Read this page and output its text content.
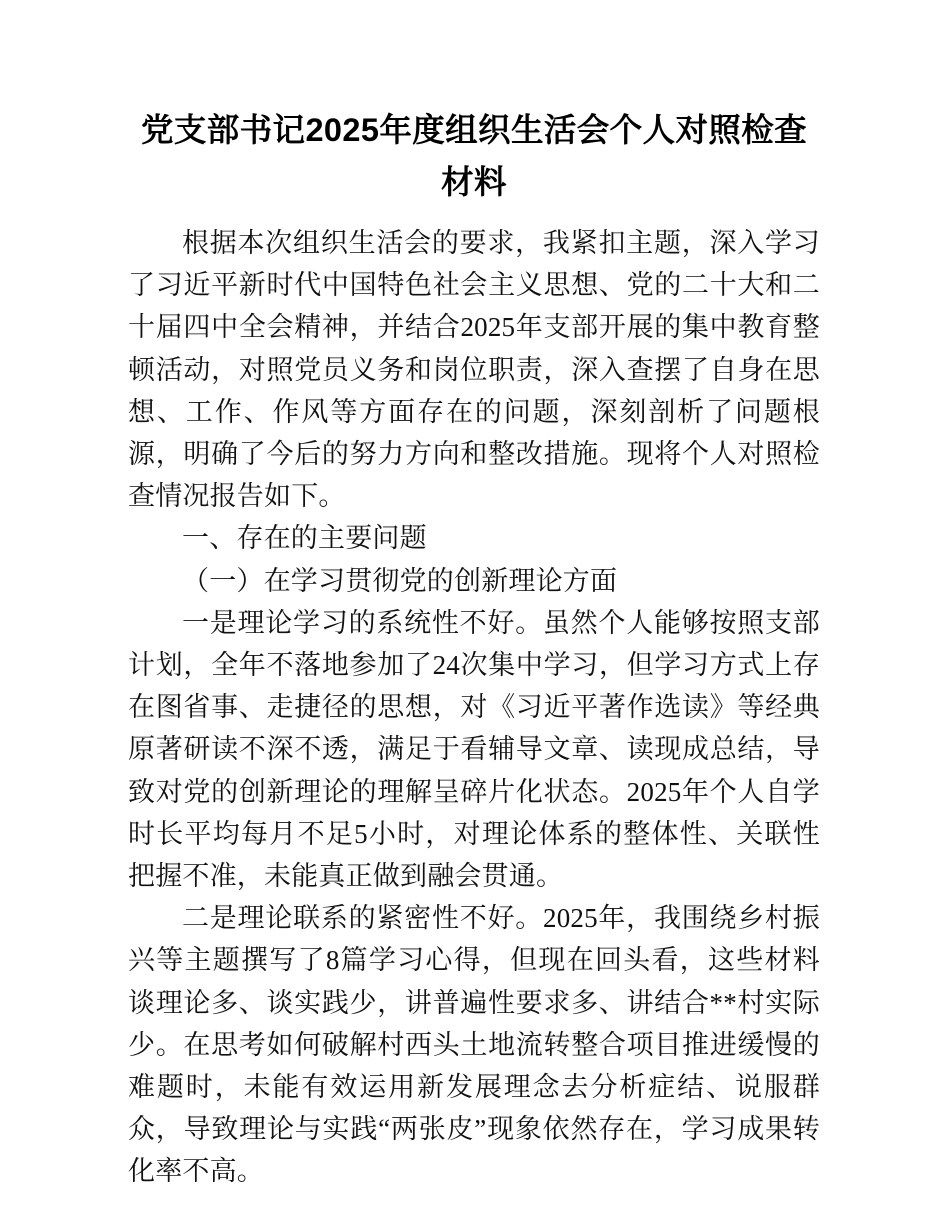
党支部书记2025年度组织生活会个人对照检查 材料

根据本次组织生活会的要求，我紧扣主题，深入学习了习近平新时代中国特色社会主义思想、党的二十大和二十届四中全会精神，并结合2025年支部开展的集中教育整顿活动，对照党员义务和岗位职责，深入查摆了自身在思想、工作、作风等方面存在的问题，深刻剖析了问题根源，明确了今后的努力方向和整改措施。现将个人对照检查情况报告如下。

一、存在的主要问题

（一）在学习贯彻党的创新理论方面

一是理论学习的系统性不好。虽然个人能够按照支部计划，全年不落地参加了24次集中学习，但学习方式上存在图省事、走捷径的思想，对《习近平著作选读》等经典原著研读不深不透，满足于看辅导文章、读现成总结，导致对党的创新理论的理解呈碎片化状态。2025年个人自学时长平均每月不足5小时，对理论体系的整体性、关联性把握不准，未能真正做到融会贯通。

二是理论联系的紧密性不好。2025年，我围绕乡村振兴等主题撰写了8篇学习心得，但现在回头看，这些材料谈理论多、谈实践少，讲普遍性要求多、讲结合**村实际少。在思考如何破解村西头土地流转整合项目推进缓慢的难题时，未能有效运用新发展理念去分析症结、说服群众，导致理论与实践“两张皮”现象依然存在，学习成果转化率不高。
